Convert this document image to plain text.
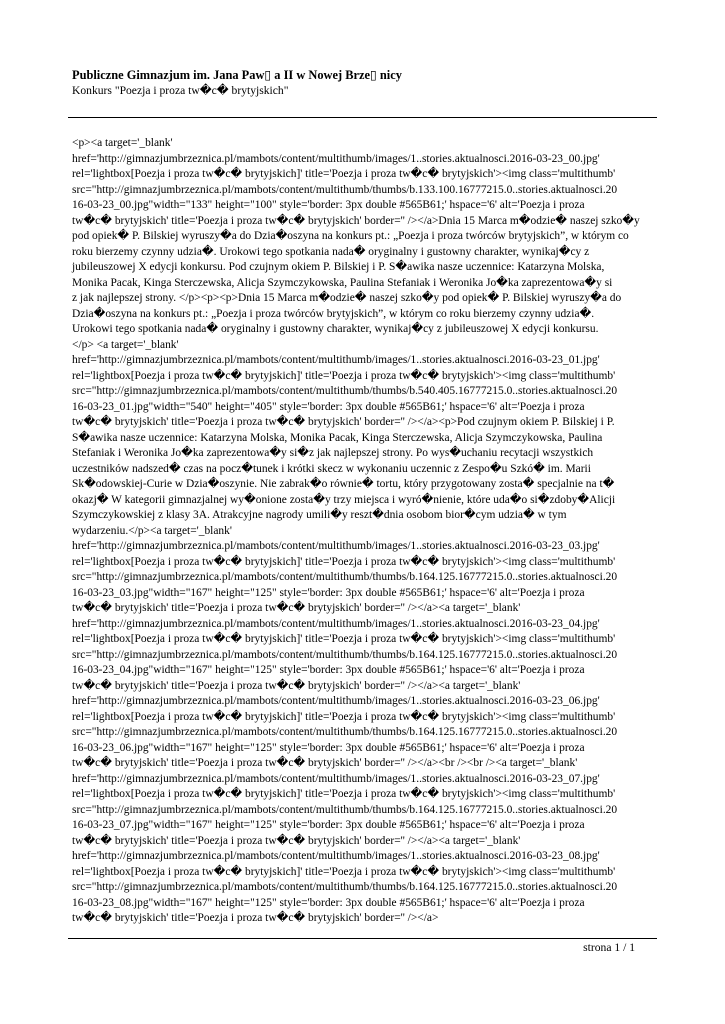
Publiczne Gimnazjum im. Jana Paw▯ a II w Nowej Brze▯ nicy
Konkurs "Poezja i proza tw�c� brytyjskich"
<p><a target='_blank'
href='http://gimnazjumbrzeznica.pl/mambots/content/multithumb/images/1..stories.aktualnosci.2016-03-23_00.jpg'
rel='lightbox[Poezja i proza tw�c� brytyjskich]' title='Poezja i proza tw�c� brytyjskich'><img class='multithumb'
src="http://gimnazjumbrzeznica.pl/mambots/content/multithumb/thumbs/b.133.100.16777215.0..stories.aktualnosci.20
16-03-23_00.jpg"width="133" height="100" style='border: 3px double #565B61;' hspace='6' alt='Poezja i proza
tw�c� brytyjskich' title='Poezja i proza tw�c� brytyjskich' border='' /></a>Dnia 15 Marca m�odzie� naszej szko�y
pod opiek� P. Bilskiej wyruszy�a do Dzia�oszyna na konkurs pt.: „Poezja i proza twórców brytyjskich”, w którym co
roku bierzemy czynny udzia�. Urokowi tego spotkania nada� oryginalny i gustowny charakter, wynikaj�cy z
jubileuszowej X edycji konkursu. Pod czujnym okiem P. Bilskiej i P. S�awika nasze uczennice: Katarzyna Molska,
Monika Pacak, Kinga Sterczewska, Alicja Szymczykowska, Paulina Stefaniak i Weronika Jo�ka zaprezentowa�y si
z jak najlepszej strony. </p><p><p>Dnia 15 Marca m�odzie� naszej szko�y pod opiek� P. Bilskiej wyruszy�a do
Dzia�oszyna na konkurs pt.: „Poezja i proza twórców brytyjskich”, w którym co roku bierzemy czynny udzia�.
Urokowi tego spotkania nada� oryginalny i gustowny charakter, wynikaj�cy z jubileuszowej X edycji konkursu.
</p> <a target='_blank'
href='http://gimnazjumbrzeznica.pl/mambots/content/multithumb/images/1..stories.aktualnosci.2016-03-23_01.jpg'
rel='lightbox[Poezja i proza tw�c� brytyjskich]' title='Poezja i proza tw�c� brytyjskich'><img class='multithumb'
src="http://gimnazjumbrzeznica.pl/mambots/content/multithumb/thumbs/b.540.405.16777215.0..stories.aktualnosci.20
16-03-23_01.jpg"width="540" height="405" style='border: 3px double #565B61;' hspace='6' alt='Poezja i proza
tw�c� brytyjskich' title='Poezja i proza tw�c� brytyjskich' border='' /></a><p>Pod czujnym okiem P. Bilskiej i P.
S�awika nasze uczennice: Katarzyna Molska, Monika Pacak, Kinga Sterczewska, Alicja Szymczykowska, Paulina
Stefaniak i Weronika Jo�ka zaprezentowa�y si�z jak najlepszej strony. Po wys�uchaniu recytacji wszystkich
uczestników nadszed� czas na pocz�tunek i krótki skecz w wykonaniu uczennic z Zespo�u Szkó� im. Marii
Sk�odowskiej-Curie w Dzia�oszynie. Nie zabrak�o równie� tortu, który przygotowany zosta� specjalnie na t�
okazj� W kategorii gimnazjalnej wy�onione zosta�y trzy miejsca i wyró�nienie, które uda�o si�zdoby�Alicji
Szymczykowskiej z klasy 3A. Atrakcyjne nagrody umili�y reszt�dnia osobom bior�cym udzia� w tym
wydarzeniu.</p><a target='_blank'
href='http://gimnazjumbrzeznica.pl/mambots/content/multithumb/images/1..stories.aktualnosci.2016-03-23_03.jpg'
rel='lightbox[Poezja i proza tw�c� brytyjskich]' title='Poezja i proza tw�c� brytyjskich'><img class='multithumb'
src="http://gimnazjumbrzeznica.pl/mambots/content/multithumb/thumbs/b.164.125.16777215.0..stories.aktualnosci.20
16-03-23_03.jpg"width="167" height="125" style='border: 3px double #565B61;' hspace='6' alt='Poezja i proza
tw�c� brytyjskich' title='Poezja i proza tw�c� brytyjskich' border='' /></a><a target='_blank'
href='http://gimnazjumbrzeznica.pl/mambots/content/multithumb/images/1..stories.aktualnosci.2016-03-23_04.jpg'
rel='lightbox[Poezja i proza tw�c� brytyjskich]' title='Poezja i proza tw�c� brytyjskich'><img class='multithumb'
src="http://gimnazjumbrzeznica.pl/mambots/content/multithumb/thumbs/b.164.125.16777215.0..stories.aktualnosci.20
16-03-23_04.jpg"width="167" height="125" style='border: 3px double #565B61;' hspace='6' alt='Poezja i proza
tw�c� brytyjskich' title='Poezja i proza tw�c� brytyjskich' border='' /></a><a target='_blank'
href='http://gimnazjumbrzeznica.pl/mambots/content/multithumb/images/1..stories.aktualnosci.2016-03-23_06.jpg'
rel='lightbox[Poezja i proza tw�c� brytyjskich]' title='Poezja i proza tw�c� brytyjskich'><img class='multithumb'
src="http://gimnazjumbrzeznica.pl/mambots/content/multithumb/thumbs/b.164.125.16777215.0..stories.aktualnosci.20
16-03-23_06.jpg"width="167" height="125" style='border: 3px double #565B61;' hspace='6' alt='Poezja i proza
tw�c� brytyjskich' title='Poezja i proza tw�c� brytyjskich' border='' /></a><br /><br /><a target='_blank'
href='http://gimnazjumbrzeznica.pl/mambots/content/multithumb/images/1..stories.aktualnosci.2016-03-23_07.jpg'
rel='lightbox[Poezja i proza tw�c� brytyjskich]' title='Poezja i proza tw�c� brytyjskich'><img class='multithumb'
src="http://gimnazjumbrzeznica.pl/mambots/content/multithumb/thumbs/b.164.125.16777215.0..stories.aktualnosci.20
16-03-23_07.jpg"width="167" height="125" style='border: 3px double #565B61;' hspace='6' alt='Poezja i proza
tw�c� brytyjskich' title='Poezja i proza tw�c� brytyjskich' border='' /></a><a target='_blank'
href='http://gimnazjumbrzeznica.pl/mambots/content/multithumb/images/1..stories.aktualnosci.2016-03-23_08.jpg'
rel='lightbox[Poezja i proza tw�c� brytyjskich]' title='Poezja i proza tw�c� brytyjskich'><img class='multithumb'
src="http://gimnazjumbrzeznica.pl/mambots/content/multithumb/thumbs/b.164.125.16777215.0..stories.aktualnosci.20
16-03-23_08.jpg"width="167" height="125" style='border: 3px double #565B61;' hspace='6' alt='Poezja i proza
tw�c� brytyjskich' title='Poezja i proza tw�c� brytyjskich' border='' /></a>
strona 1 / 1
